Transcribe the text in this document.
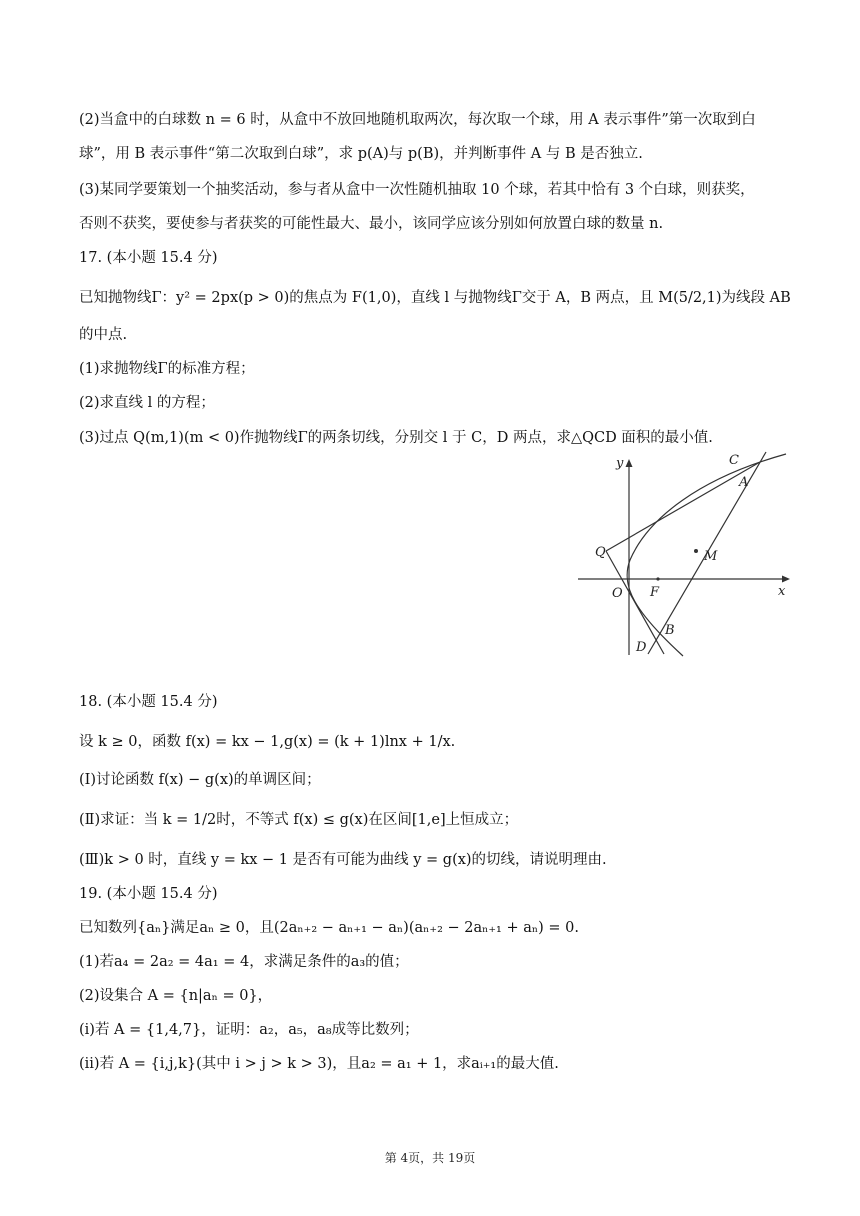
(2)当盒中的白球数 n = 6 时，从盒中不放回地随机取两次，每次取一个球，用 A 表示事件”第一次取到白
球”，用 B 表示事件“第二次取到白球”，求 p(A)与 p(B)，并判断事件 A 与 B 是否独立.
(3)某同学要策划一个抽奖活动，参与者从盒中一次性随机抽取 10 个球，若其中恰有 3 个白球，则获奖，
否则不获奖，要使参与者获奖的可能性最大、最小，该同学应该分别如何放置白球的数量 n.
17. (本小题 15.4 分)
已知抛物线Γ：y² = 2px(p > 0)的焦点为 F(1,0)，直线 l 与抛物线Γ交于 A，B 两点，且 M(5/2,1)为线段 AB
的中点.
(1)求抛物线Γ的标准方程；
(2)求直线 l 的方程；
(3)过点 Q(m,1)(m < 0)作抛物线Γ的两条切线，分别交 l 于 C，D 两点，求△QCD 面积的最小值.
y
x
C
A
M
Q
O F
B
D
18. (本小题 15.4 分)
设 k ≥ 0，函数 f(x) = kx − 1,g(x) = (k + 1)lnx + 1/x.
(I)讨论函数 f(x) − g(x)的单调区间；
(Ⅱ)求证：当 k = 1/2时，不等式 f(x) ≤ g(x)在区间[1,e]上恒成立；
(Ⅲ)k > 0 时，直线 y = kx − 1 是否有可能为曲线 y = g(x)的切线，请说明理由.
19. (本小题 15.4 分)
已知数列{aₙ}满足aₙ ≥ 0，且(2aₙ₊₂ − aₙ₊₁ − aₙ)(aₙ₊₂ − 2aₙ₊₁ + aₙ) = 0.
(1)若a₄ = 2a₂ = 4a₁ = 4，求满足条件的a₃的值；
(2)设集合 A = {n|aₙ = 0}，
(ⅰ)若 A = {1,4,7}，证明：a₂，a₅，a₈成等比数列；
(ⅱ)若 A = {i,j,k}(其中 i > j > k > 3)，且a₂ = a₁ + 1，求aᵢ₊₁的最大值.
第 4页，共 19页
